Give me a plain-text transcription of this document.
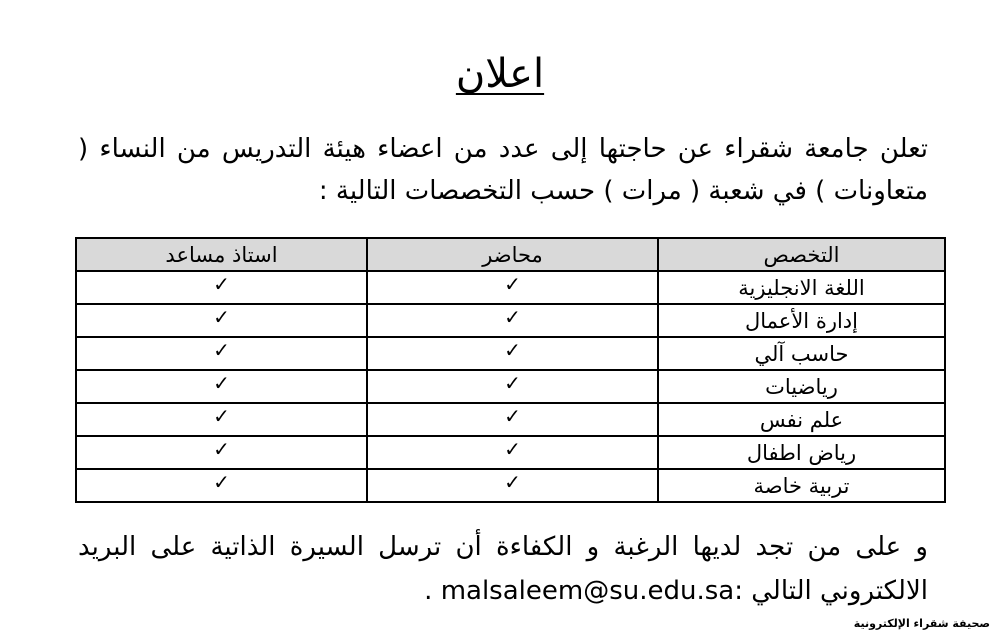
اعلان
تعلن جامعة شقراء عن حاجتها إلى عدد من اعضاء هيئة التدريس من النساء ( متعاونات ) في شعبة ( مرات ) حسب التخصصات التالية :
التخصص	محاضر	استاذ مساعد
اللغة الانجليزية	✓	✓
إدارة الأعمال	✓	✓
حاسب آلي	✓	✓
رياضيات	✓	✓
علم نفس	✓	✓
رياض اطفال	✓	✓
تربية خاصة	✓	✓
و على من تجد لديها الرغبة و الكفاءة أن ترسل السيرة الذاتية على البريد الالكتروني التالي :malsaleem@su.edu.sa .
صحيفة شقراء الإلكترونية
